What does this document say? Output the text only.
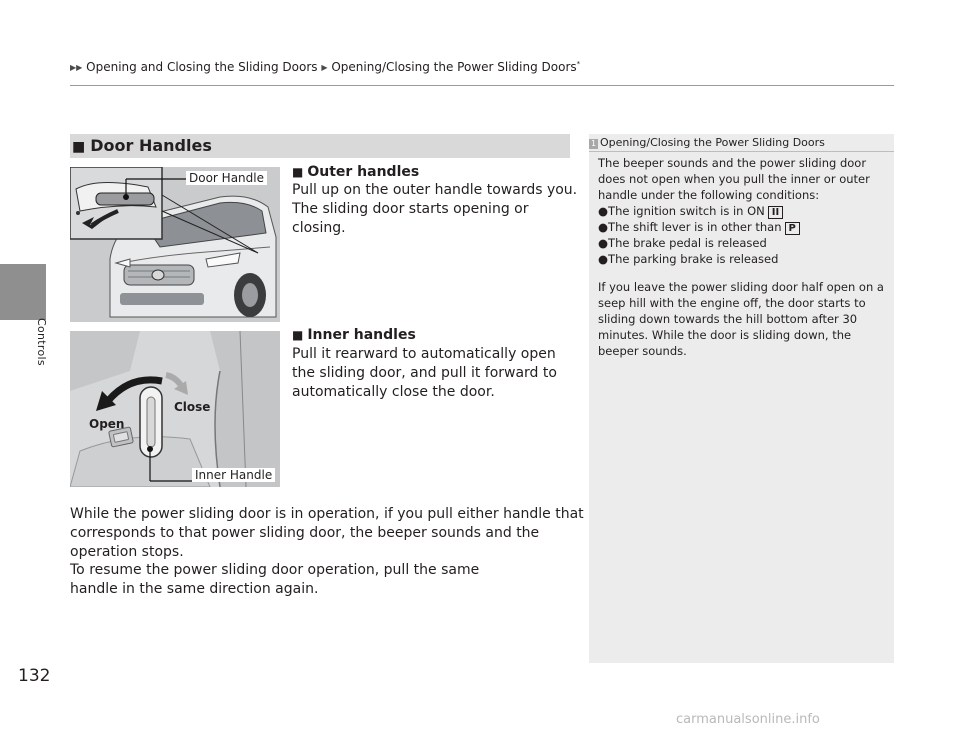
Controls
132
▶▶ Opening and Closing the Sliding Doors ▶ Opening/Closing the Power Sliding Doors*
■ Door Handles
Door Handle
Open
Close
Inner Handle
■ Outer handles
Pull up on the outer handle towards you. The sliding door starts opening or closing.
■ Inner handles
Pull it rearward to automatically open the sliding door, and pull it forward to automatically close the door.
While the power sliding door is in operation, if you pull either handle that corresponds to that power sliding door, the beeper sounds and the operation stops.
To resume the power sliding door operation, pull the same handle in the same direction again.
1 Opening/Closing the Power Sliding Doors

The beeper sounds and the power sliding door does not open when you pull the inner or outer handle under the following conditions:

●The ignition switch is in ON II

●The shift lever is in other than P

●The brake pedal is released

●The parking brake is released

If you leave the power sliding door half open on a seep hill with the engine off, the door starts to sliding down towards the hill bottom after 30 minutes. While the door is sliding down, the beeper sounds.

carmanualsonline.info
